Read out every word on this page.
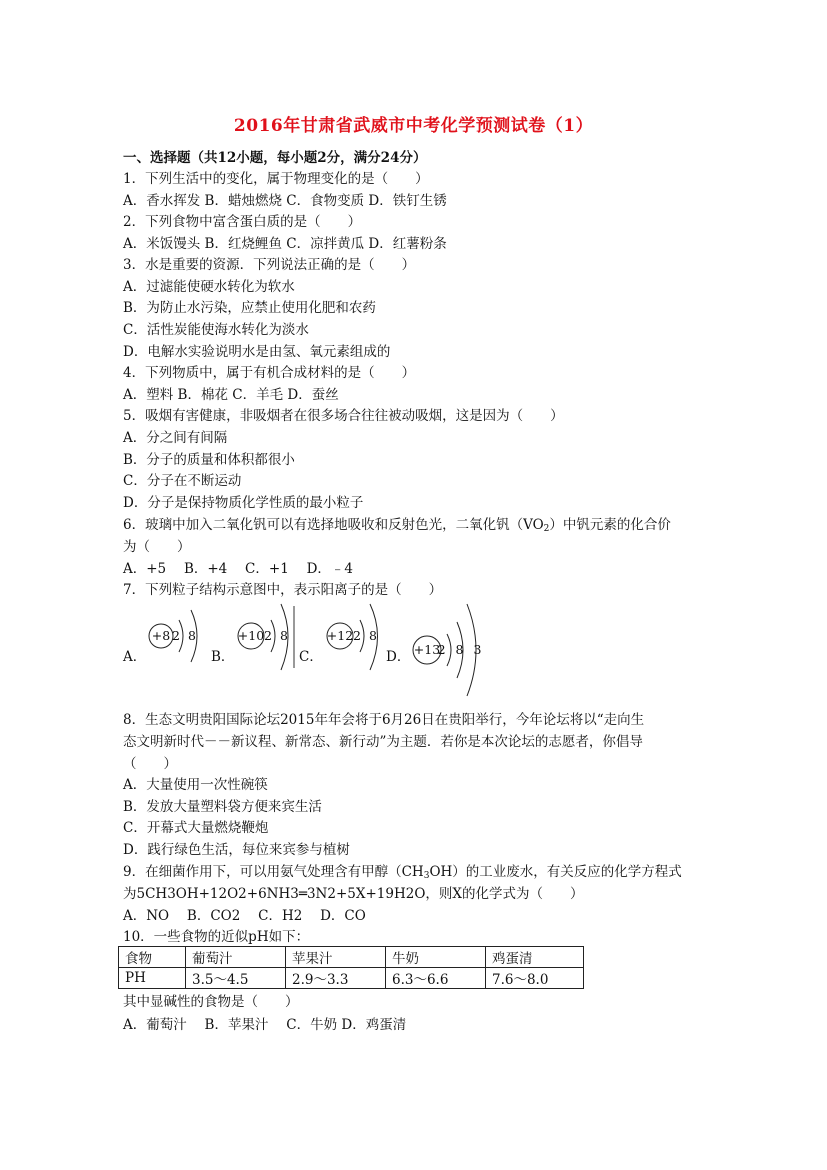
2016年甘肃省武威市中考化学预测试卷（1）
一、选择题（共12小题，每小题2分，满分24分）
1．下列生活中的变化，属于物理变化的是（　　）
A．香水挥发 B．蜡烛燃烧 C．食物变质 D．铁钉生锈
2．下列食物中富含蛋白质的是（　　）
A．米饭馒头 B．红烧鲤鱼 C．凉拌黄瓜 D．红薯粉条
3．水是重要的资源．下列说法正确的是（　　）
A．过滤能使硬水转化为软水
B．为防止水污染，应禁止使用化肥和农药
C．活性炭能使海水转化为淡水
D．电解水实验说明水是由氢、氧元素组成的
4．下列物质中，属于有机合成材料的是（　　）
A．塑料 B．棉花 C．羊毛 D．蚕丝
5．吸烟有害健康，非吸烟者在很多场合往往被动吸烟，这是因为（　　）
A．分之间有间隔
B．分子的质量和体积都很小
C．分子在不断运动
D．分子是保持物质化学性质的最小粒子
6．玻璃中加入二氧化钒可以有选择地吸收和反射色光，二氧化钒$(VO_2)$中钒元素的化合价
为（　　）
A．+5　 B．+4　 C．+1　 D．﹣4
7．下列粒子结构示意图中，表示阳离子的是（　　）
A．	B．	C．	D．
+8 2 8	+10 2 8	+12 2 8
+13
2 8 3
8．生态文明贵阳国际论坛2015年年会将于6月26日在贵阳举行，今年论坛将以“走向生
态文明新时代－－新议程、新常态、新行动”为主题．若你是本次论坛的志愿者，你倡导
（　　）
A．大量使用一次性碗筷
B．发放大量塑料袋方便来宾生活
C．开幕式大量燃烧鞭炮
D．践行绿色生活，每位来宾参与植树
9．在细菌作用下，可以用氨气处理含有甲醇$(CH_3OH)$的工业废水，有关反应的化学方程式
为5CH3OH+12O2+6NH3═3N2+5X+19H2O，则X的化学式为（　　）
A．NO　 B．CO2　 C．H2　 D．CO
10．一些食物的近似pH如下：
食物	葡萄汁	苹果汁	牛奶	鸡蛋清
PH	3.5～4.5	2.9～3.3	6.3～6.6	7.6～8.0
其中显碱性的食物是（　　）
A．葡萄汁　 B．苹果汁　 C．牛奶 D．鸡蛋清
